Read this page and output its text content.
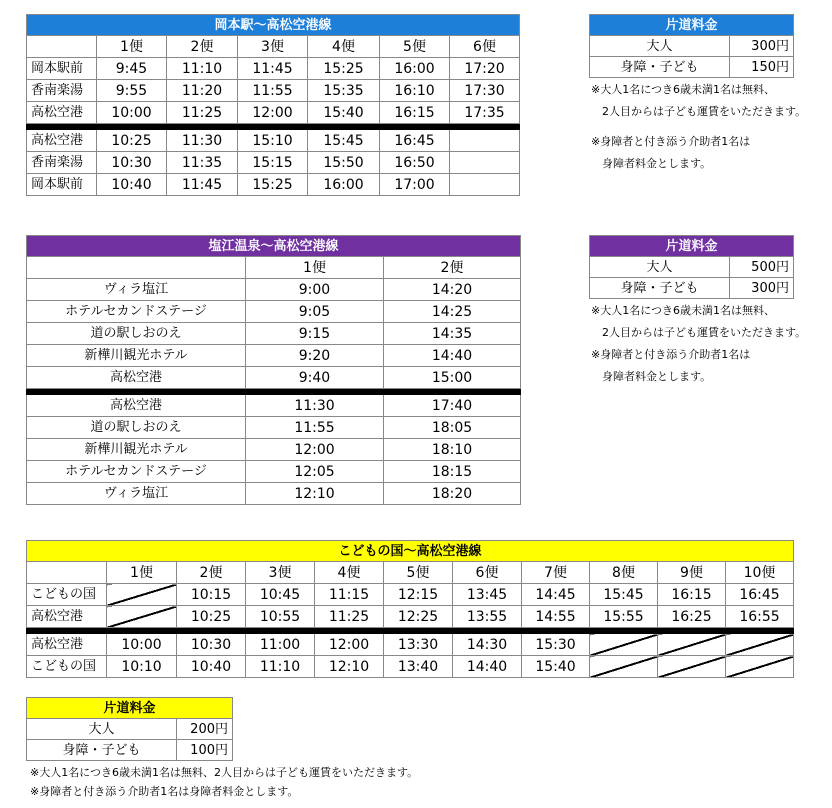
岡本駅～高松空港線						
	1便	2便	3便	4便	5便	6便
岡本駅前	9:45	11:10	11:45	15:25	16:00	17:20
香南楽湯	9:55	11:20	11:55	15:35	16:10	17:30
高松空港	10:00	11:25	12:00	15:40	16:15	17:35

高松空港	10:25	11:30	15:10	15:45	16:45	
香南楽湯	10:30	11:35	15:15	15:50	16:50	
岡本駅前	10:40	11:45	15:25	16:00	17:00	
片道料金	
大人	300円
身障・子ども	150円
※大人1名につき6歳未満1名は無料、
2人目からは子ども運賃をいただきます。
※身障者と付き添う介助者1名は
身障者料金とします。
塩江温泉～高松空港線		
	1便	2便
ヴィラ塩江	9:00	14:20
ホテルセカンドステージ	9:05	14:25
道の駅しおのえ	9:15	14:35
新樺川観光ホテル	9:20	14:40
高松空港	9:40	15:00

高松空港	11:30	17:40
道の駅しおのえ	11:55	18:05
新樺川観光ホテル	12:00	18:10
ホテルセカンドステージ	12:05	18:15
ヴィラ塩江	12:10	18:20
片道料金	
大人	500円
身障・子ども	300円
※大人1名につき6歳未満1名は無料、
2人目からは子ども運賃をいただきます。
※身障者と付き添う介助者1名は
身障者料金とします。
こどもの国～高松空港線										
	1便	2便	3便	4便	5便	6便	7便	8便	9便	10便
こどもの国		10:15	10:45	11:15	12:15	13:45	14:45	15:45	16:15	16:45
高松空港		10:25	10:55	11:25	12:25	13:55	14:55	15:55	16:25	16:55

高松空港	10:00	10:30	11:00	12:00	13:30	14:30	15:30			
こどもの国	10:10	10:40	11:10	12:10	13:40	14:40	15:40			
片道料金	
大人	200円
身障・子ども	100円
※大人1名につき6歳未満1名は無料、2人目からは子ども運賃をいただきます。
※身障者と付き添う介助者1名は身障者料金とします。
